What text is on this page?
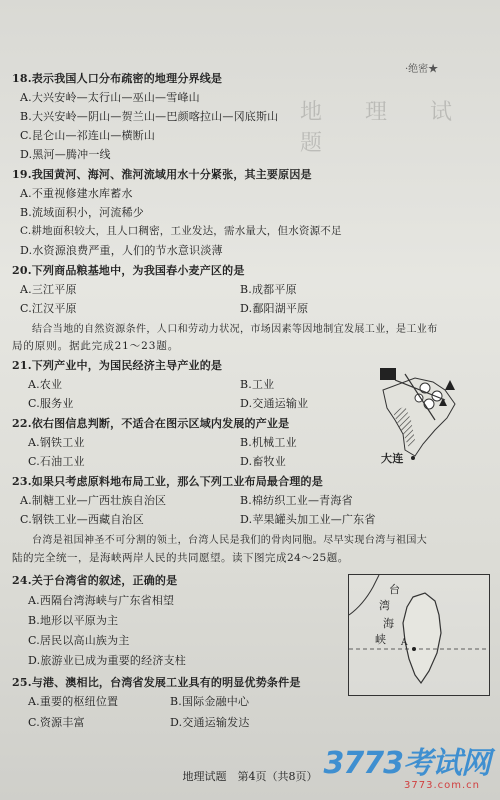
·绝密★
地 理 试 题
18.表示我国人口分布疏密的地理分界线是
A.大兴安岭—太行山—巫山—雪峰山
B.大兴安岭—阴山—贺兰山—巴颜喀拉山—冈底斯山
C.昆仑山—祁连山—横断山
D.黑河—腾冲一线
19.我国黄河、海河、淮河流域用水十分紧张，其主要原因是
A.不重视修建水库蓄水
B.流域面积小，河流稀少
C.耕地面积较大，且人口稠密，工业发达，需水量大，但水资源不足
D.水资源浪费严重，人们的节水意识淡薄
20.下列商品粮基地中，为我国春小麦产区的是
A.三江平原	B.成都平原
C.江汉平原	D.鄱阳湖平原
结合当地的自然资源条件，人口和劳动力状况，市场因素等因地制宜发展工业，是工业布
局的原则。据此完成21～23题。
21.下列产业中，为国民经济主导产业的是
A.农业	B.工业
C.服务业	D.交通运输业
22.依右图信息判断，不适合在图示区域内发展的产业是
A.钢铁工业	B.机械工业
C.石油工业	D.畜牧业	大连
23.如果只考虑原料地布局工业，那么下列工业布局最合理的是
A.制糖工业—广西壮族自治区	B.棉纺织工业—青海省
C.钢铁工业—西藏自治区	D.苹果罐头加工业—广东省
台湾是祖国神圣不可分割的领土，台湾人民是我们的骨肉同胞。尽早实现台湾与祖国大
陆的完全统一，是海峡两岸人民的共同愿望。读下图完成24～25题。
24.关于台湾省的叙述，正确的是
A.西隔台湾海峡与广东省相望
B.地形以平原为主
C.居民以高山族为主
D.旅游业已成为重要的经济支柱
台
湾
海
峡 A
25.与港、澳相比，台湾省发展工业具有的明显优势条件是
A.重要的枢纽位置	B.国际金融中心
C.资源丰富	D.交通运输发达
地理试题　第4页（共8页） 3773考试网
3773.com.cn
